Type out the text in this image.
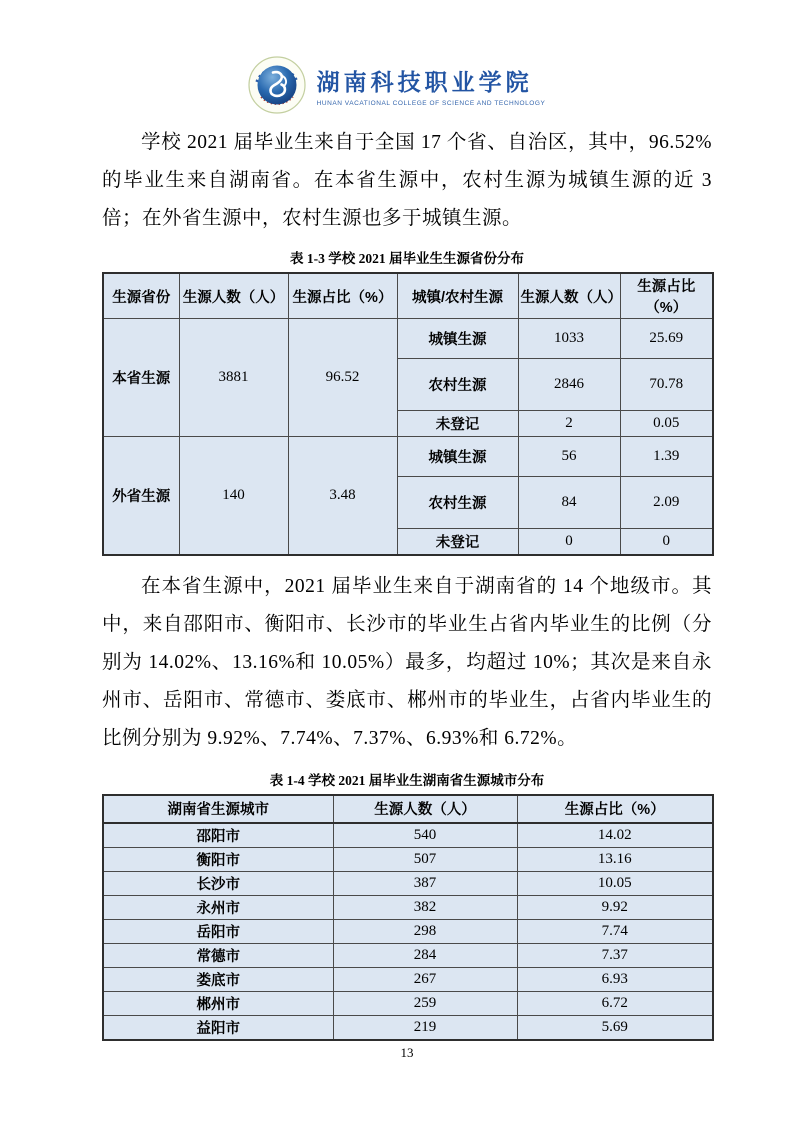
湖南科技职业学院
HUNAN VACATIONAL COLLEGE OF SCIENCE AND TECHNOLOGY

学校 2021 届毕业生来自于全国 17 个省、自治区，其中，96.52%的毕业生来自湖南省。在本省生源中，农村生源为城镇生源的近 3 倍；在外省生源中，农村生源也多于城镇生源。

表 1-3 学校 2021 届毕业生生源省份分布
生源省份	生源人数（人）	生源占比（%）	城镇/农村生源	生源人数（人）	生源占比（%）
本省生源	3881	96.52	城镇生源	1033	25.69
			农村生源	2846	70.78
			未登记	2	0.05
外省生源	140	3.48	城镇生源	56	1.39
			农村生源	84	2.09
			未登记	0	0

在本省生源中，2021 届毕业生来自于湖南省的 14 个地级市。其中，来自邵阳市、衡阳市、长沙市的毕业生占省内毕业生的比例（分别为 14.02%、13.16%和 10.05%）最多，均超过 10%；其次是来自永州市、岳阳市、常德市、娄底市、郴州市的毕业生，占省内毕业生的比例分别为 9.92%、7.74%、7.37%、6.93%和 6.72%。

表 1-4 学校 2021 届毕业生湖南省生源城市分布
湖南省生源城市	生源人数（人）	生源占比（%）
邵阳市	540	14.02
衡阳市	507	13.16
长沙市	387	10.05
永州市	382	9.92
岳阳市	298	7.74
常德市	284	7.37
娄底市	267	6.93
郴州市	259	6.72
益阳市	219	5.69
13
